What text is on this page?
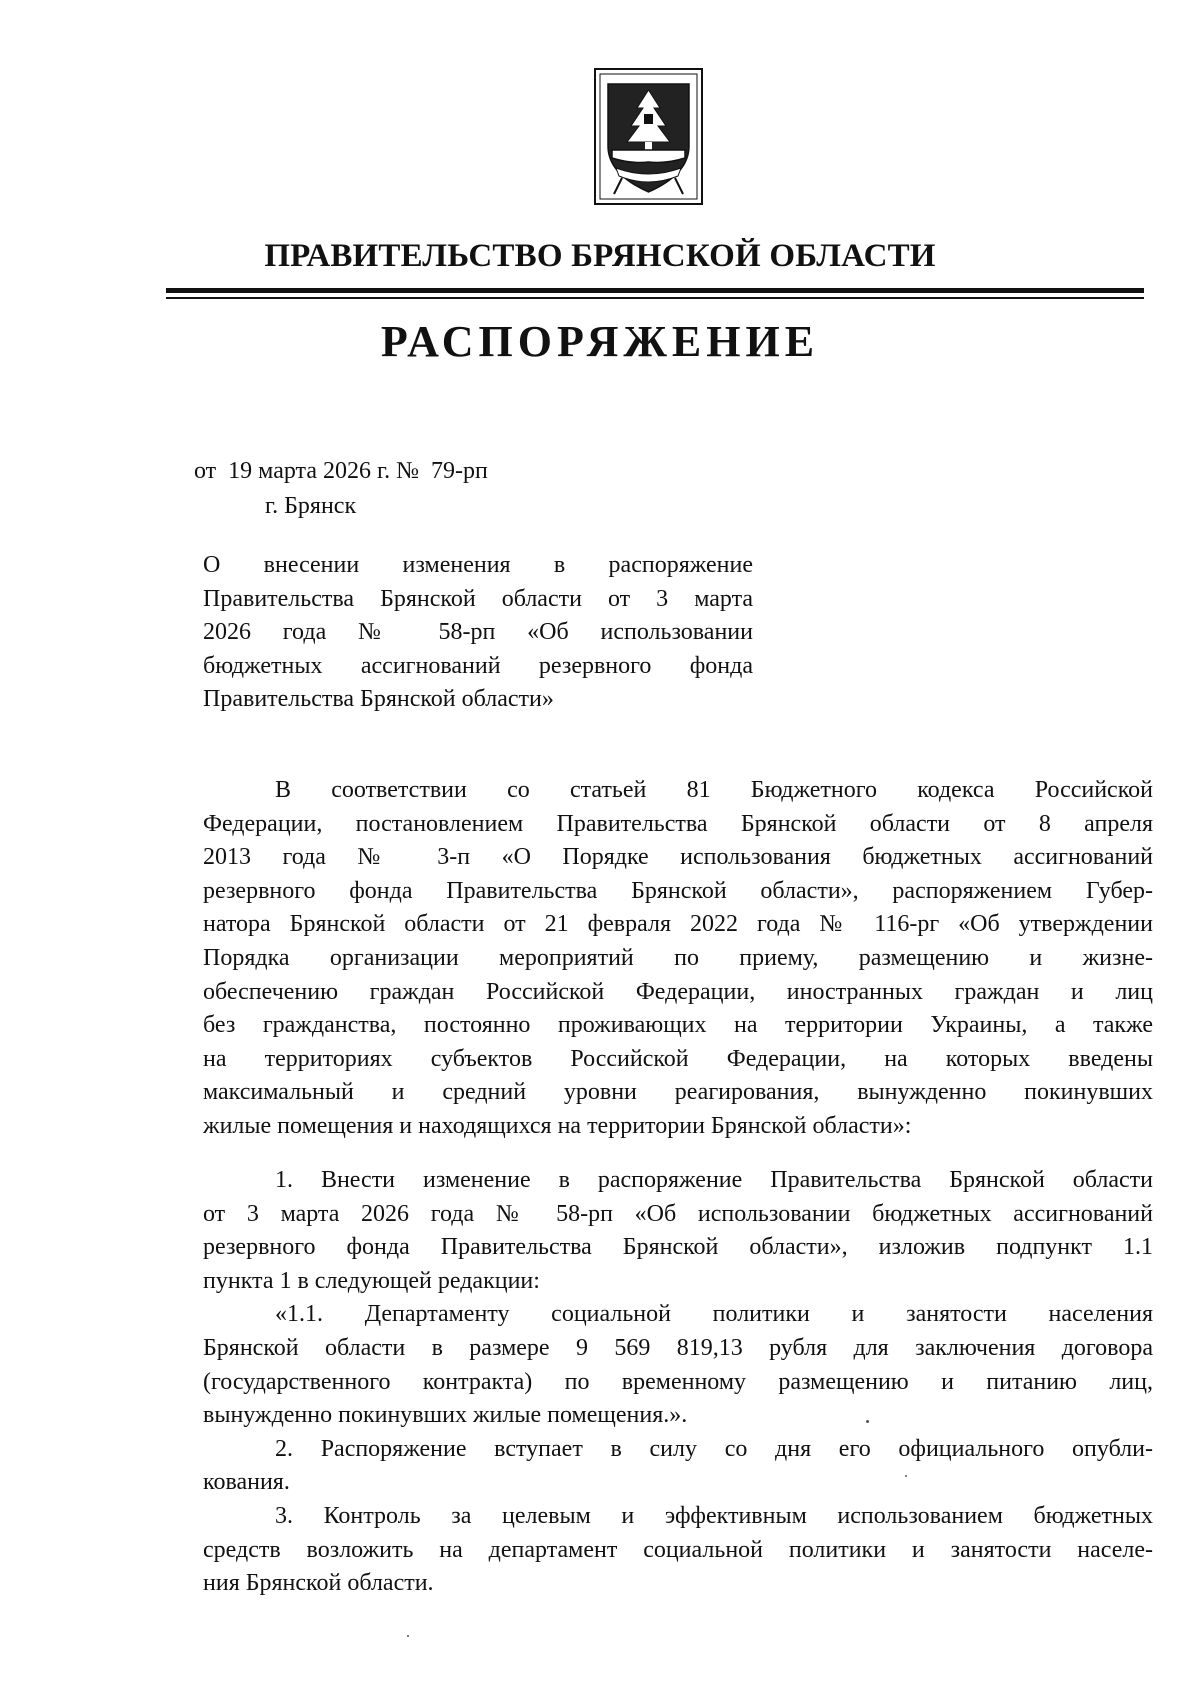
ПРАВИТЕЛЬСТВО БРЯНСКОЙ ОБЛАСТИ
РАСПОРЯЖЕНИЕ
от  19 марта 2026 г. №  79-рп
г. Брянск
О внесении изменения в распоряжение
Правительства Брянской области от 3 марта
2026 года № 58-рп «Об использовании
бюджетных ассигнований резервного фонда
Правительства Брянской области»
В соответствии со статьей 81 Бюджетного кодекса Российской
Федерации, постановлением Правительства Брянской области от 8 апреля
2013 года № 3-п «О Порядке использования бюджетных ассигнований
резервного фонда Правительства Брянской области», распоряжением Губер-
натора Брянской области от 21 февраля 2022 года № 116-рг «Об утверждении
Порядка организации мероприятий по приему, размещению и жизне-
обеспечению граждан Российской Федерации, иностранных граждан и лиц
без гражданства, постоянно проживающих на территории Украины, а также
на территориях субъектов Российской Федерации, на которых введены
максимальный и средний уровни реагирования, вынужденно покинувших
жилые помещения и находящихся на территории Брянской области»:
1. Внести изменение в распоряжение Правительства Брянской области
от 3 марта 2026 года № 58-рп «Об использовании бюджетных ассигнований
резервного фонда Правительства Брянской области», изложив подпункт 1.1
пункта 1 в следующей редакции:
«1.1. Департаменту социальной политики и занятости населения
Брянской области в размере 9 569 819,13 рубля для заключения договора
(государственного контракта) по временному размещению и питанию лиц,
вынужденно покинувших жилые помещения.».
2. Распоряжение вступает в силу со дня его официального опубли-
кования.
3. Контроль за целевым и эффективным использованием бюджетных
средств возложить на департамент социальной политики и занятости населе-
ния Брянской области.
